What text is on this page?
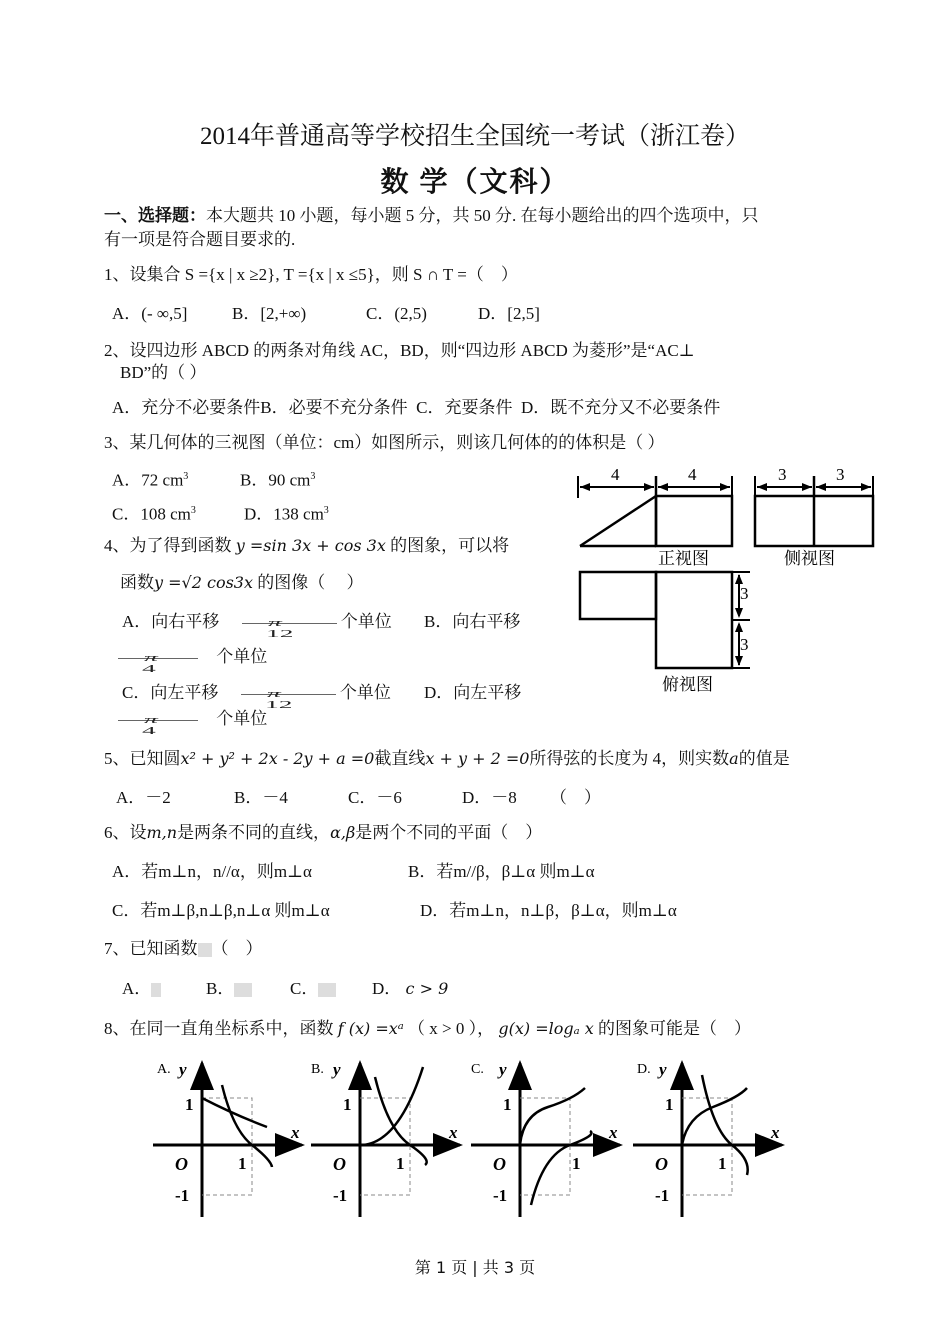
2014年普通高等学校招生全国统一考试（浙江卷）
数 学（文科）
一、选择题：本大题共 10 小题，每小题 5 分，共 50 分. 在每小题给出的四个选项中，只
有一项是符合题目要求的.
1、设集合 S ={x | x ≥2}, T ={x | x ≤5}，则 S ∩ T =（　）
A．(- ∞,5]	B．[2,+∞)	C．(2,5)	D．[2,5]
2、设四边形 ABCD 的两条对角线 AC，BD，则“四边形 ABCD 为菱形”是“AC⊥
BD”的（ ）
A．充分不必要条件B．必要不充分条件 C．充要条件 D．既不充分又不必要条件
3、某几何体的三视图（单位：cm）如图所示，则该几何体的的体积是（ ）
A．72 $cm^3$	B．90 $cm^3$
C．108 $cm^3$	D．138 $cm^3$
4	4	3	3
3
3
正视图	侧视图
俯视图
4、为了得到函数 y =sin 3x + cos 3x 的图象，可以将
函数y =√2 cos3x 的图像（　 ）
A．向右平移	π
12
个单位 B．向右平移
π
4
个单位
C．向左平移	π
12
个单位 D．向左平移
π
4
个单位
5、已知圆x² + y² + 2x - 2y + a =0截直线x + y + 2 =0所得弦的长度为 4，则实数a的值是
A．－2	B．－4	C．－6	D．－8 （　）
6、设m,n是两条不同的直线，α,β是两个不同的平面（　）
A．若m⊥n，n//α，则m⊥α	B．若m//β，β⊥α 则m⊥α
C．若m⊥β,n⊥β,n⊥α 则m⊥α	D．若m⊥n，n⊥β，β⊥α，则m⊥α
7、已知函数 （　）
A．	B．	C．	D． c > 9
8、在同一直角坐标系中，函数 f (x) =xᵃ （ x > 0 ）， g(x) =logₐ x 的图象可能是（　）
A. y
x
1
O	1
-1
B. y
x
1
O	1
-1
C. y
x
1
O	1
-1
D. y
x
1
O	1
-1
第 1 页 | 共 3 页
